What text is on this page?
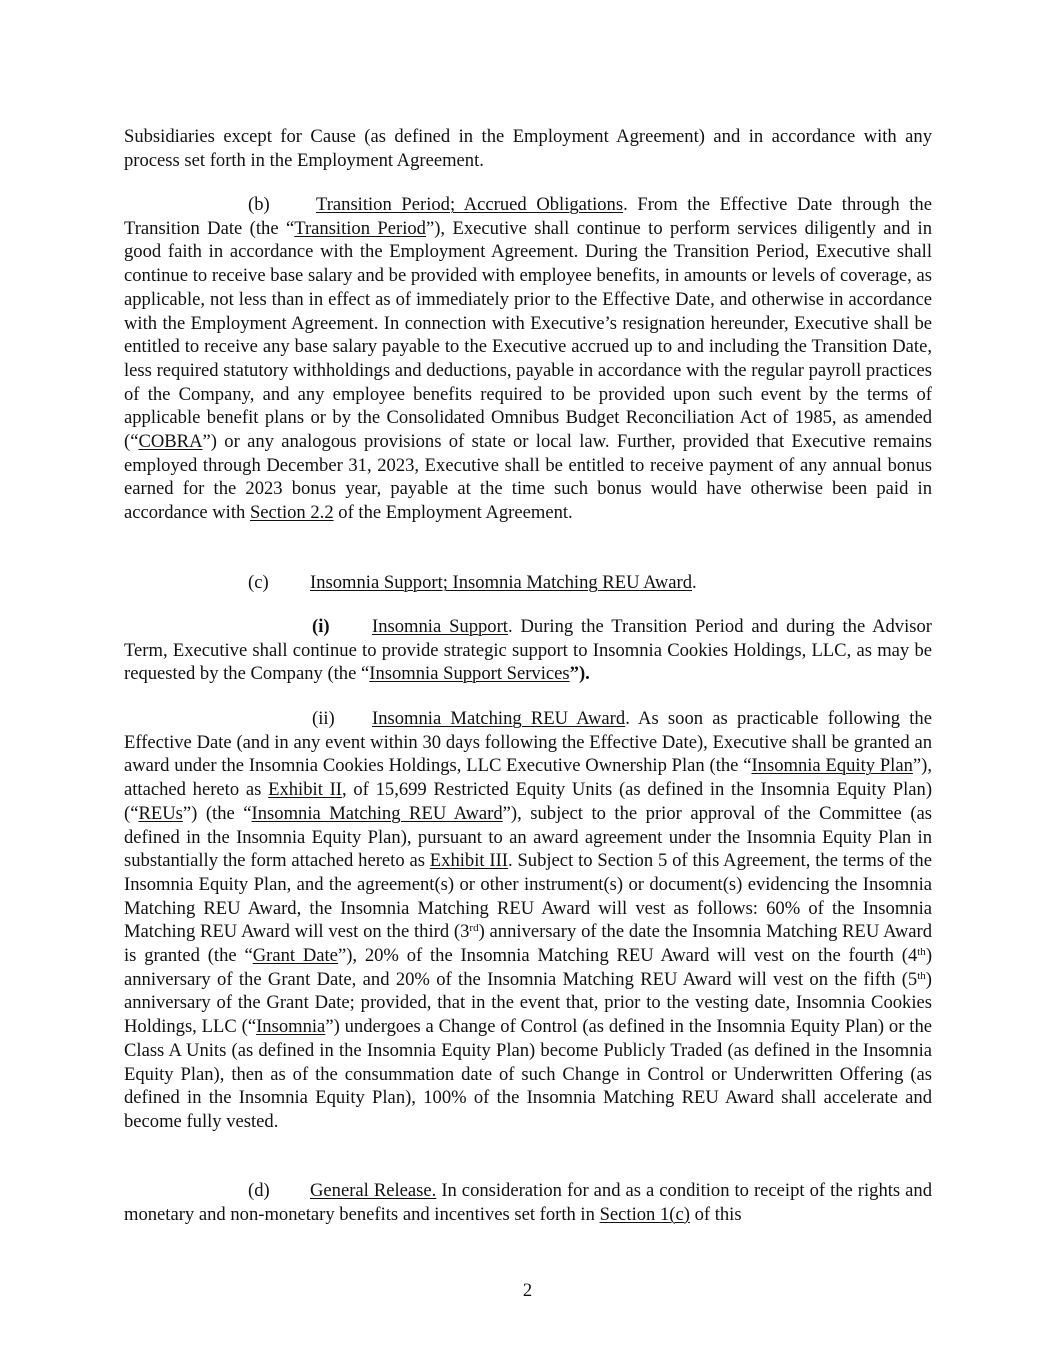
Subsidiaries except for Cause (as defined in the Employment Agreement) and in accordance with any process set forth in the Employment Agreement.
(b) Transition Period; Accrued Obligations. From the Effective Date through the Transition Date (the “Transition Period”), Executive shall continue to perform services diligently and in good faith in accordance with the Employment Agreement. During the Transition Period, Executive shall continue to receive base salary and be provided with employee benefits, in amounts or levels of coverage, as applicable, not less than in effect as of immediately prior to the Effective Date, and otherwise in accordance with the Employment Agreement. In connection with Executive’s resignation hereunder, Executive shall be entitled to receive any base salary payable to the Executive accrued up to and including the Transition Date, less required statutory withholdings and deductions, payable in accordance with the regular payroll practices of the Company, and any employee benefits required to be provided upon such event by the terms of applicable benefit plans or by the Consolidated Omnibus Budget Reconciliation Act of 1985, as amended (“COBRA”) or any analogous provisions of state or local law. Further, provided that Executive remains employed through December 31, 2023, Executive shall be entitled to receive payment of any annual bonus earned for the 2023 bonus year, payable at the time such bonus would have otherwise been paid in accordance with Section 2.2 of the Employment Agreement.
(c) Insomnia Support; Insomnia Matching REU Award.
(i) Insomnia Support. During the Transition Period and during the Advisor Term, Executive shall continue to provide strategic support to Insomnia Cookies Holdings, LLC, as may be requested by the Company (the “Insomnia Support Services”).
(ii) Insomnia Matching REU Award. As soon as practicable following the Effective Date (and in any event within 30 days following the Effective Date), Executive shall be granted an award under the Insomnia Cookies Holdings, LLC Executive Ownership Plan (the “Insomnia Equity Plan”), attached hereto as Exhibit II, of 15,699 Restricted Equity Units (as defined in the Insomnia Equity Plan) (“REUs”) (the “Insomnia Matching REU Award”), subject to the prior approval of the Committee (as defined in the Insomnia Equity Plan), pursuant to an award agreement under the Insomnia Equity Plan in substantially the form attached hereto as Exhibit III. Subject to Section 5 of this Agreement, the terms of the Insomnia Equity Plan, and the agreement(s) or other instrument(s) or document(s) evidencing the Insomnia Matching REU Award, the Insomnia Matching REU Award will vest as follows: 60% of the Insomnia Matching REU Award will vest on the third (3rd) anniversary of the date the Insomnia Matching REU Award is granted (the “Grant Date”), 20% of the Insomnia Matching REU Award will vest on the fourth (4th) anniversary of the Grant Date, and 20% of the Insomnia Matching REU Award will vest on the fifth (5th) anniversary of the Grant Date; provided, that in the event that, prior to the vesting date, Insomnia Cookies Holdings, LLC (“Insomnia”) undergoes a Change of Control (as defined in the Insomnia Equity Plan) or the Class A Units (as defined in the Insomnia Equity Plan) become Publicly Traded (as defined in the Insomnia Equity Plan), then as of the consummation date of such Change in Control or Underwritten Offering (as defined in the Insomnia Equity Plan), 100% of the Insomnia Matching REU Award shall accelerate and become fully vested.
(d) General Release. In consideration for and as a condition to receipt of the rights and monetary and non-monetary benefits and incentives set forth in Section 1(c) of this
2
